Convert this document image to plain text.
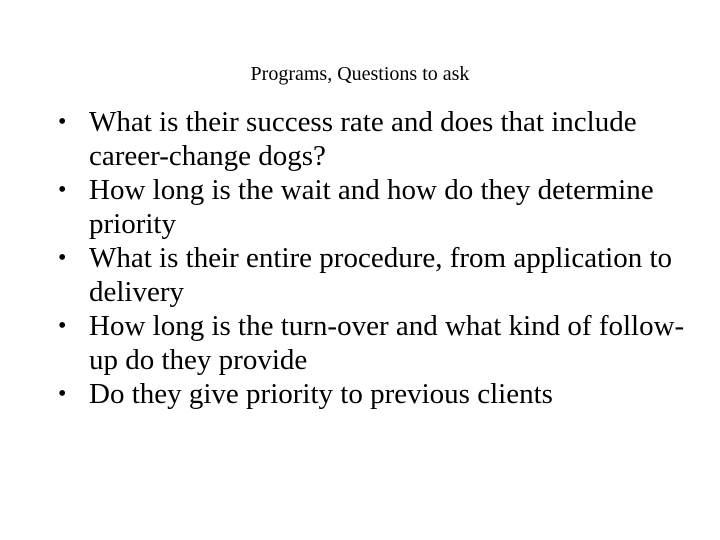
Programs, Questions to ask
• What is their success rate and does that include career-change dogs?
• How long is the wait and how do they determine priority
• What is their entire procedure, from application to delivery
• How long is the turn-over and what kind of follow-up do they provide
• Do they give priority to previous clients
